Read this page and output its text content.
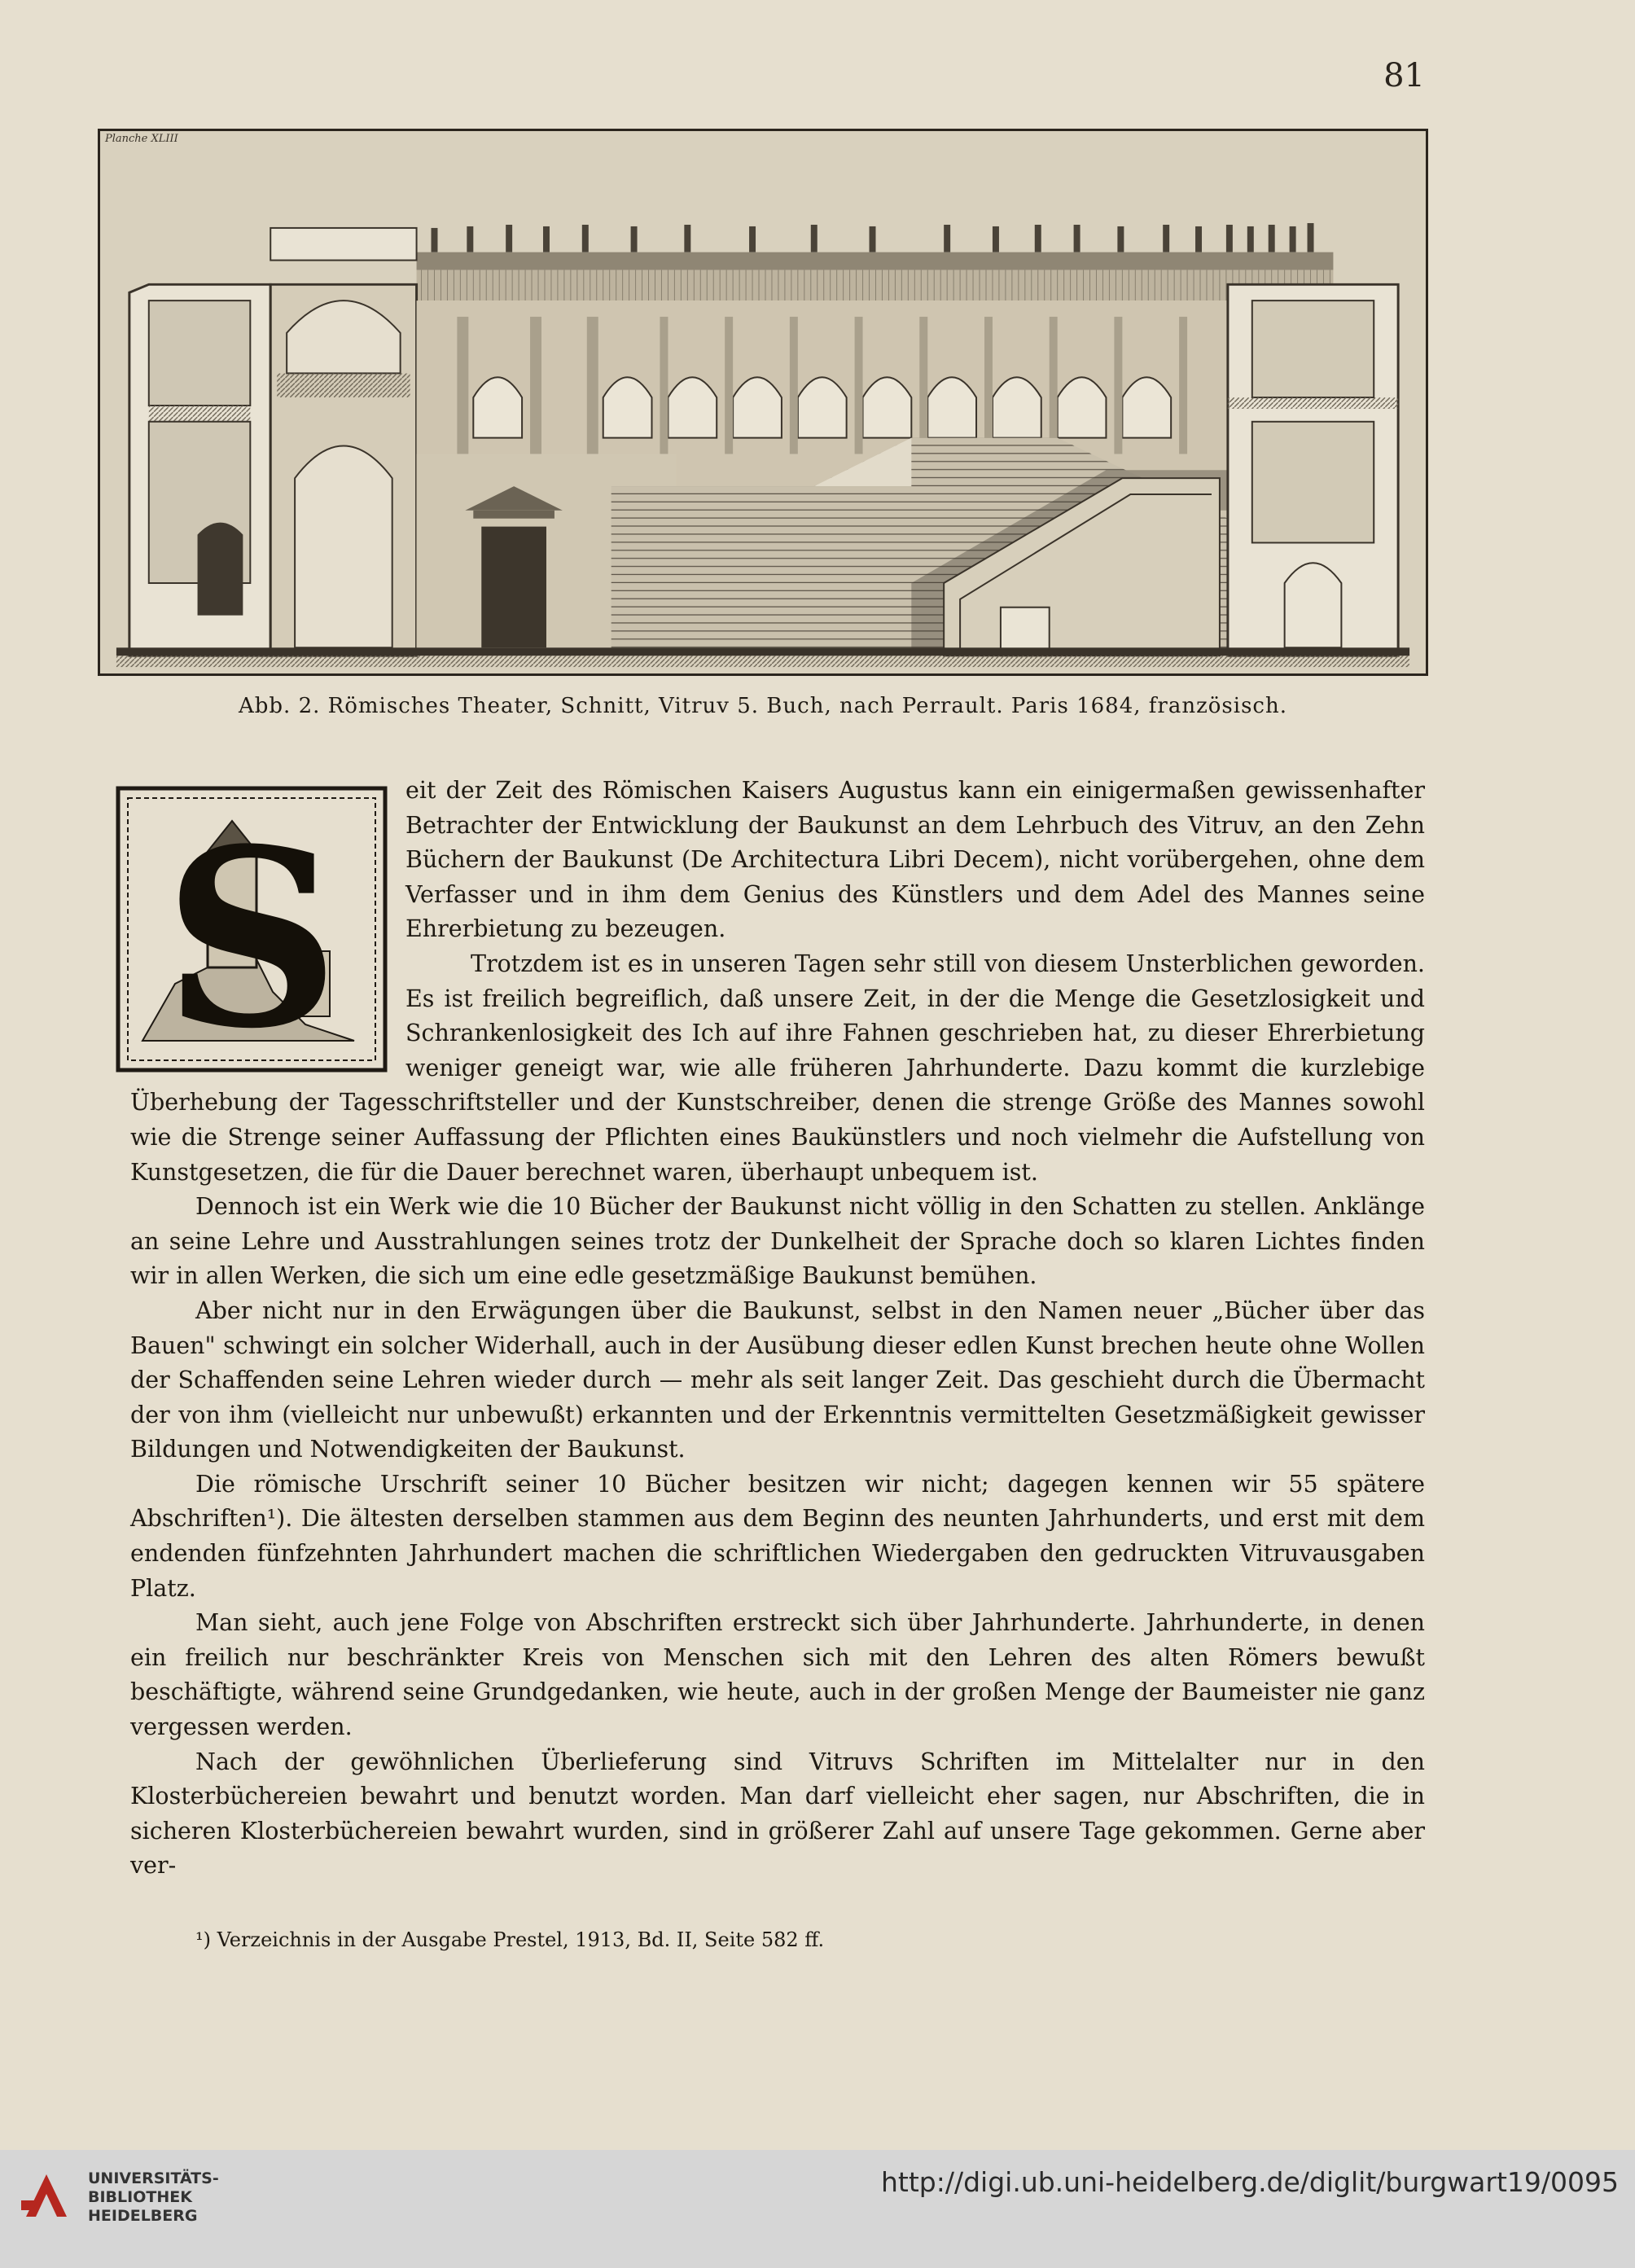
81
Planche XLIII
Abb. 2. Römisches Theater, Schnitt, Vitruv 5. Buch, nach Perrault. Paris 1684, französisch.
S

eit der Zeit des Römischen Kaisers Augustus kann ein einigermaßen gewissenhafter Betrachter der Entwicklung der Baukunst an dem Lehrbuch des Vitruv, an den Zehn Büchern der Baukunst (De Architectura Libri Decem), nicht vorübergehen, ohne dem Verfasser und in ihm dem Genius des Künstlers und dem Adel des Mannes seine Ehrerbietung zu bezeugen.

Trotzdem ist es in unseren Tagen sehr still von diesem Unsterblichen geworden. Es ist freilich begreiflich, daß unsere Zeit, in der die Menge die Gesetzlosigkeit und Schrankenlosigkeit des Ich auf ihre Fahnen geschrieben hat, zu dieser Ehrerbietung weniger geneigt war, wie alle früheren Jahrhunderte. Dazu kommt die kurzlebige Überhebung der Tagesschriftsteller und der Kunstschreiber, denen die strenge Größe des Mannes sowohl wie die Strenge seiner Auffassung der Pflichten eines Baukünstlers und noch vielmehr die Aufstellung von Kunstgesetzen, die für die Dauer berechnet waren, überhaupt unbequem ist.

Dennoch ist ein Werk wie die 10 Bücher der Baukunst nicht völlig in den Schatten zu stellen. Anklänge an seine Lehre und Ausstrahlungen seines trotz der Dunkelheit der Sprache doch so klaren Lichtes finden wir in allen Werken, die sich um eine edle gesetzmäßige Baukunst bemühen.

Aber nicht nur in den Erwägungen über die Baukunst, selbst in den Namen neuer „Bücher über das Bauen" schwingt ein solcher Widerhall, auch in der Ausübung dieser edlen Kunst brechen heute ohne Wollen der Schaffenden seine Lehren wieder durch — mehr als seit langer Zeit. Das geschieht durch die Übermacht der von ihm (vielleicht nur unbewußt) erkannten und der Erkenntnis vermittelten Gesetzmäßigkeit gewisser Bildungen und Notwendigkeiten der Baukunst.

Die römische Urschrift seiner 10 Bücher besitzen wir nicht; dagegen kennen wir 55 spätere Abschriften¹). Die ältesten derselben stammen aus dem Beginn des neunten Jahrhunderts, und erst mit dem endenden fünfzehnten Jahrhundert machen die schriftlichen Wiedergaben den gedruckten Vitruvausgaben Platz.

Man sieht, auch jene Folge von Abschriften erstreckt sich über Jahrhunderte. Jahrhunderte, in denen ein freilich nur beschränkter Kreis von Menschen sich mit den Lehren des alten Römers bewußt beschäftigte, während seine Grundgedanken, wie heute, auch in der großen Menge der Baumeister nie ganz vergessen werden.

Nach der gewöhnlichen Überlieferung sind Vitruvs Schriften im Mittelalter nur in den Klosterbüchereien bewahrt und benutzt worden. Man darf vielleicht eher sagen, nur Abschriften, die in sicheren Klosterbüchereien bewahrt wurden, sind in größerer Zahl auf unsere Tage gekommen. Gerne aber ver-

¹) Verzeichnis in der Ausgabe Prestel, 1913, Bd. II, Seite 582 ff.
UNIVERSITÄTS-
BIBLIOTHEK
HEIDELBERG
http://digi.ub.uni-heidelberg.de/diglit/burgwart19/0095
